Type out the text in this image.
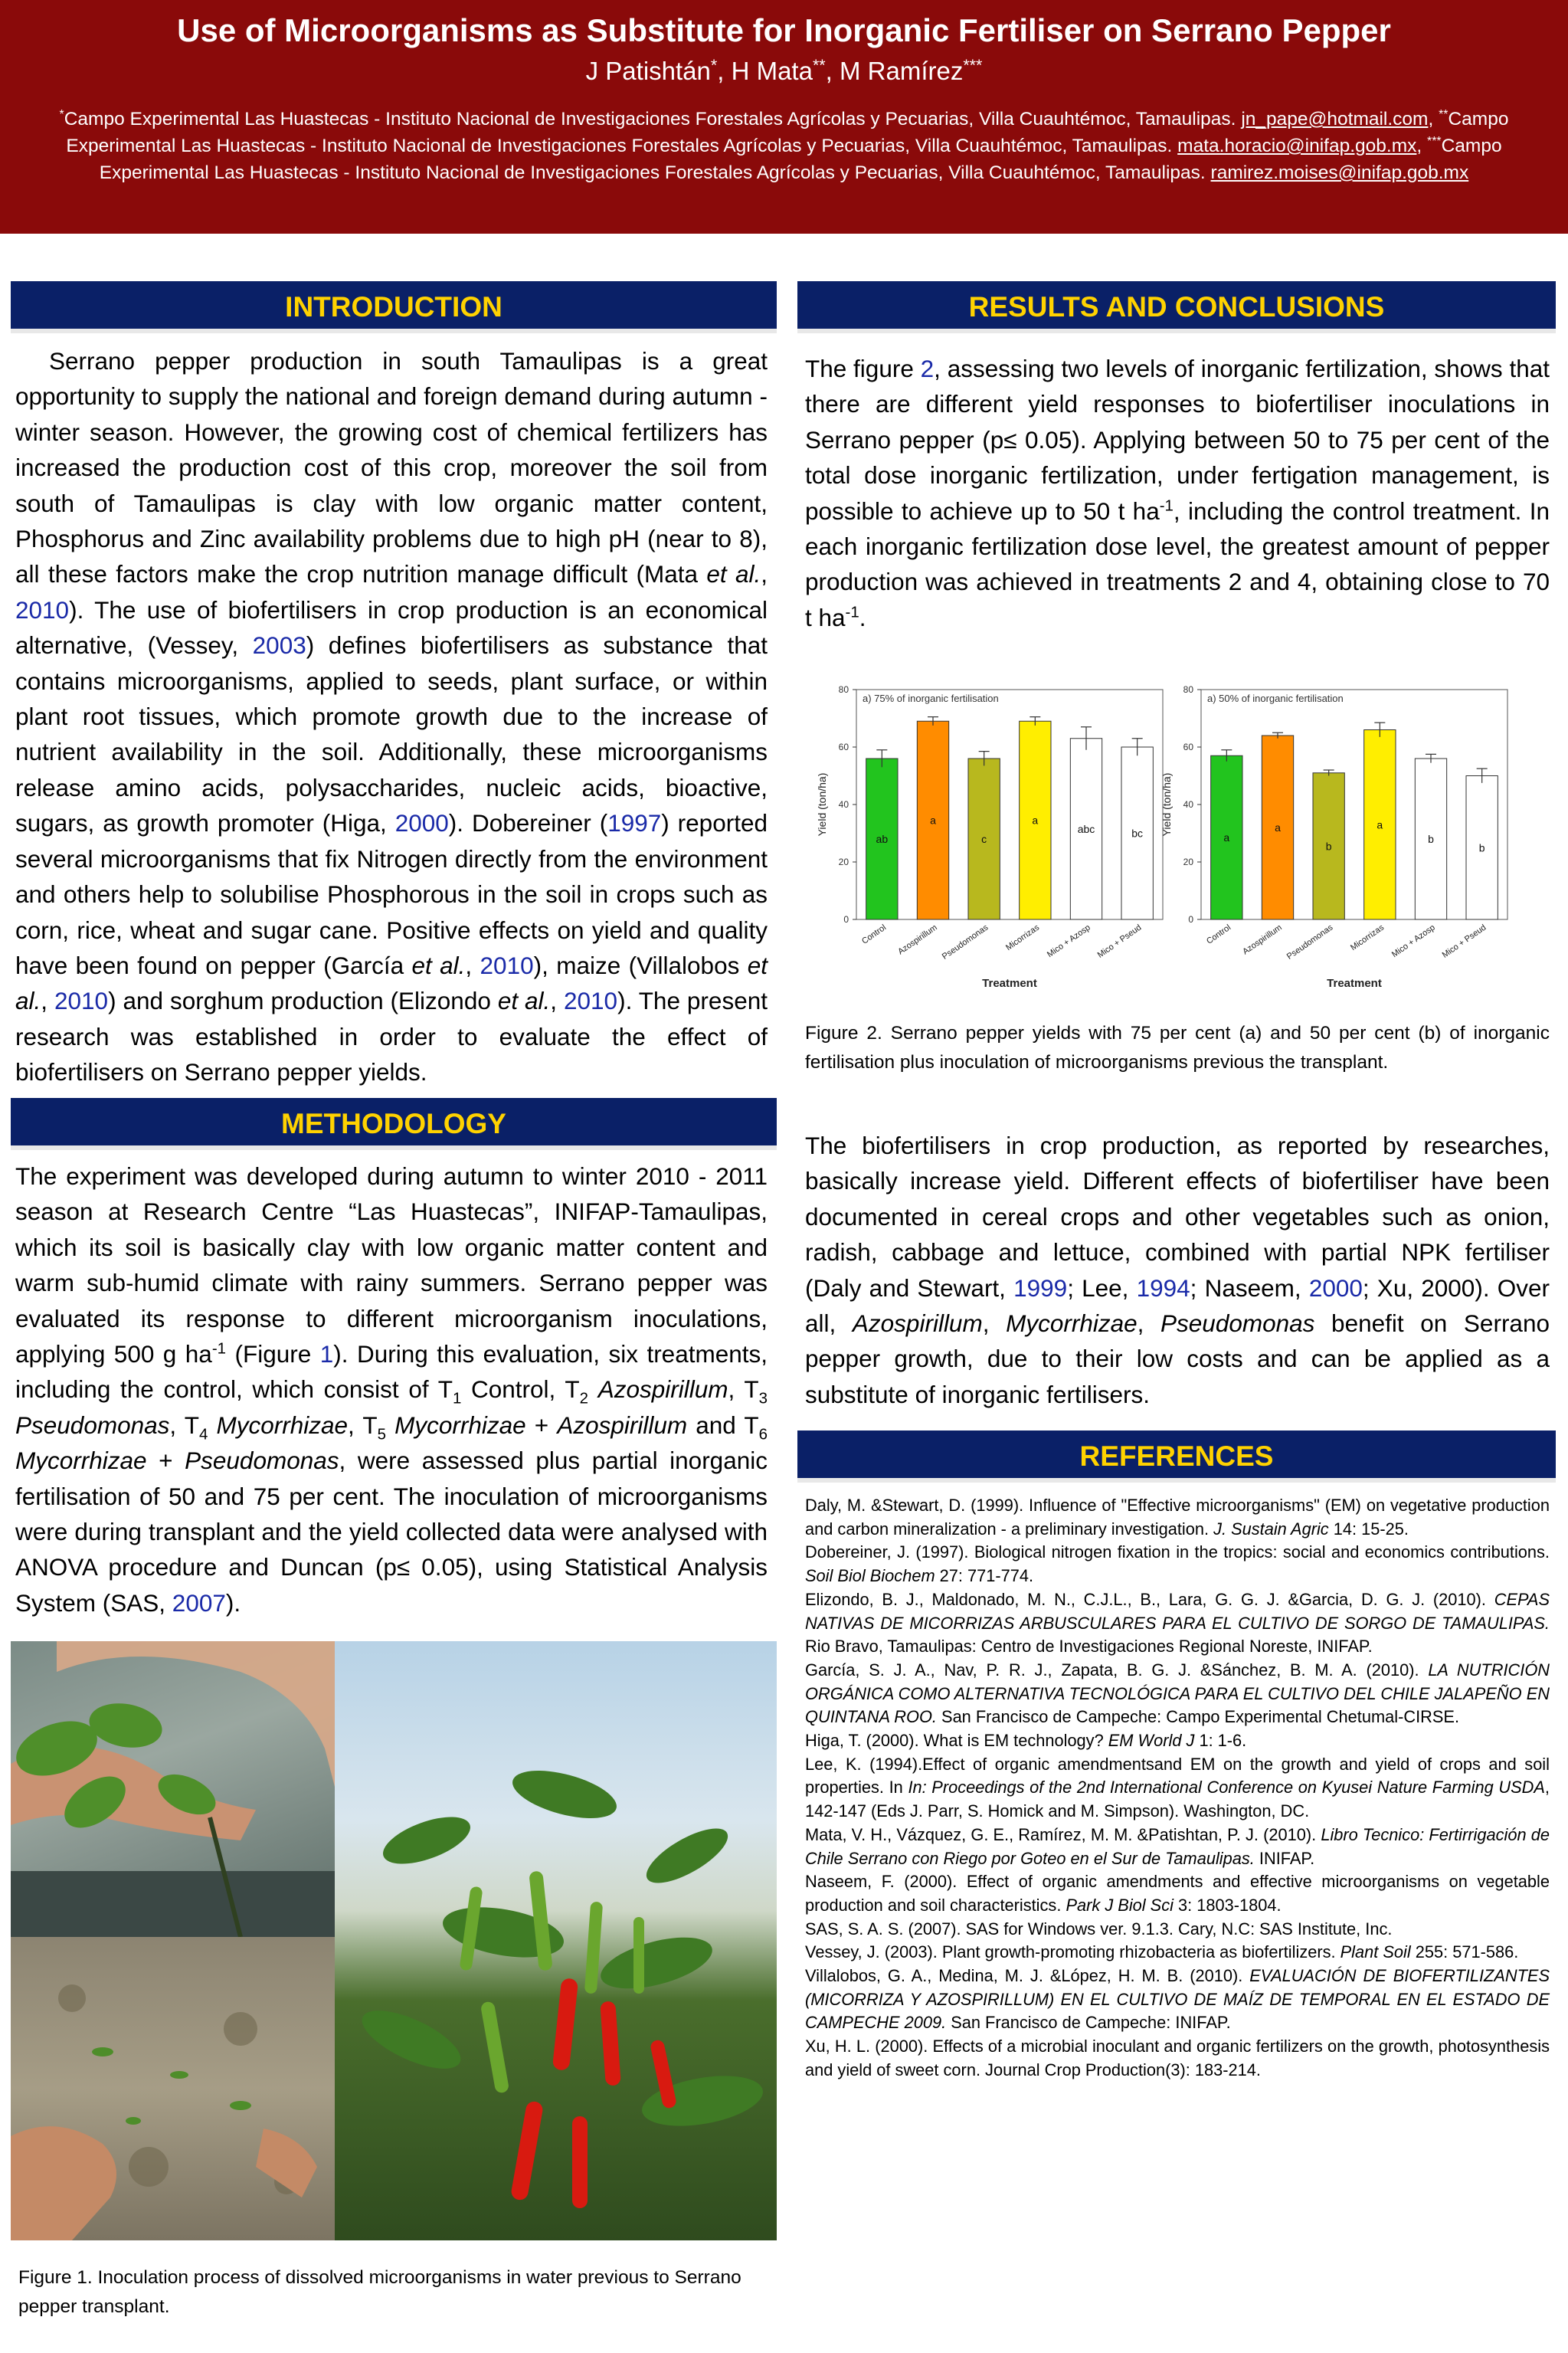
Use of Microorganisms as Substitute for Inorganic Fertiliser on Serrano Pepper
J Patishtán*, H Mata**, M Ramírez***
*Campo Experimental Las Huastecas - Instituto Nacional de Investigaciones Forestales Agrícolas y Pecuarias, Villa Cuauhtémoc, Tamaulipas. jn_pape@hotmail.com, **Campo Experimental Las Huastecas - Instituto Nacional de Investigaciones Forestales Agrícolas y Pecuarias, Villa Cuauhtémoc, Tamaulipas. mata.horacio@inifap.gob.mx, ***Campo Experimental Las Huastecas - Instituto Nacional de Investigaciones Forestales Agrícolas y Pecuarias, Villa Cuauhtémoc, Tamaulipas. ramirez.moises@inifap.gob.mx
INTRODUCTION
Serrano pepper production in south Tamaulipas is a great opportunity to supply the national and foreign demand during autumn - winter season. However, the growing cost of chemical fertilizers has increased the production cost of this crop, moreover the soil from south of Tamaulipas is clay with low organic matter content, Phosphorus and Zinc availability problems due to high pH (near to 8), all these factors make the crop nutrition manage difficult (Mata et al., 2010). The use of biofertilisers in crop production is an economical alternative, (Vessey, 2003) defines biofertilisers as substance that contains microorganisms, applied to seeds, plant surface, or within plant root tissues, which promote growth due to the increase of nutrient availability in the soil. Additionally, these microorganisms release amino acids, polysaccharides, nucleic acids, bioactive, sugars, as growth promoter (Higa, 2000). Dobereiner (1997) reported several microorganisms that fix Nitrogen directly from the environment and others help to solubilise Phosphorous in the soil in crops such as corn, rice, wheat and sugar cane. Positive effects on yield and quality have been found on pepper (García et al., 2010), maize (Villalobos et al., 2010) and sorghum production (Elizondo et al., 2010). The present research was established in order to evaluate the effect of biofertilisers on Serrano pepper yields.
METHODOLOGY
The experiment was developed during autumn to winter 2010 - 2011 season at Research Centre “Las Huastecas”, INIFAP-Tamaulipas, which its soil is basically clay with low organic matter content and warm sub-humid climate with rainy summers. Serrano pepper was evaluated its response to different microorganism inoculations, applying 500 g $ha^{-1}$ (Figure 1). During this evaluation, six treatments, including the control, which consist of $T_1$ Control, $T_2$ Azospirillum, $T_3$ Pseudomonas, $T_4$ Mycorrhizae, $T_5$ Mycorrhizae + Azospirillum and $T_6$ Mycorrhizae + Pseudomonas, were assessed plus partial inorganic fertilisation of 50 and 75 per cent. The inoculation of microorganisms were during transplant and the yield collected data were analysed with ANOVA procedure and Duncan (p≤ 0.05), using Statistical Analysis System (SAS, 2007).
Figure 1. Inoculation process of dissolved microorganisms in water previous to Serrano pepper transplant.
RESULTS AND CONCLUSIONS
The figure 2, assessing two levels of inorganic fertilization, shows that there are different yield responses to biofertiliser inoculations in Serrano pepper (p≤ 0.05). Applying between 50 to 75 per cent of the total dose inorganic fertilization, under fertigation management, is possible to achieve up to 50 t $ha^{-1}$, including the control treatment. In each inorganic fertilization dose level, the greatest amount of pepper production was achieved in treatments 2 and 4, obtaining close to 70 t $ha^{-1}$.
0
20
40
60
80
a) 75% of inorganic fertilisation
Yield (ton/ha)
ab
Control
a
Azospirillum
c
Pseudomonas
a
Micorrizas
abc
Mico + Azosp
bc
Mico + Pseud
Treatment
0
20
40
60
80
a) 50% of inorganic fertilisation
Yield (ton/ha)
a
Control
a
Azospirillum
b
Pseudomonas
a
Micorrizas
b
Mico + Azosp
b
Mico + Pseud
Treatment
Figure 2. Serrano pepper yields with 75 per cent (a) and 50 per cent (b) of inorganic fertilisation plus inoculation of microorganisms previous the transplant.
The biofertilisers in crop production, as reported by researches, basically increase yield. Different effects of biofertiliser have been documented in cereal crops and other vegetables such as onion, radish, cabbage and lettuce, combined with partial NPK fertiliser (Daly and Stewart, 1999; Lee, 1994; Naseem, 2000; Xu, 2000). Over all, Azospirillum, Mycorrhizae, Pseudomonas benefit on Serrano pepper growth, due to their low costs and can be applied as a substitute of inorganic fertilisers.
REFERENCES
Daly, M. &Stewart, D. (1999). Influence of "Effective microorganisms" (EM) on vegetative production and carbon mineralization - a preliminary investigation. J. Sustain Agric 14: 15-25.
Dobereiner, J. (1997). Biological nitrogen fixation in the tropics: social and economics contributions. Soil Biol Biochem 27: 771-774.
Elizondo, B. J., Maldonado, M. N., C.J.L., B., Lara, G. G. J. &Garcia, D. G. J. (2010). CEPAS NATIVAS DE MICORRIZAS ARBUSCULARES PARA EL CULTIVO DE SORGO DE TAMAULIPAS. Rio Bravo, Tamaulipas: Centro de Investigaciones Regional Noreste, INIFAP.
García, S. J. A., Nav, P. R. J., Zapata, B. G. J. &Sánchez, B. M. A. (2010). LA NUTRICIÓN ORGÁNICA COMO ALTERNATIVA TECNOLÓGICA PARA EL CULTIVO DEL CHILE JALAPEÑO EN QUINTANA ROO. San Francisco de Campeche: Campo Experimental Chetumal-CIRSE.
Higa, T. (2000). What is EM technology? EM World J 1: 1-6.
Lee, K. (1994).Effect of organic amendmentsand EM on the growth and yield of crops and soil properties. In In: Proceedings of the 2nd International Conference on Kyusei Nature Farming USDA, 142-147 (Eds J. Parr, S. Homick and M. Simpson). Washington, DC.
Mata, V. H., Vázquez, G. E., Ramírez, M. M. &Patishtan, P. J. (2010). Libro Tecnico: Fertirrigación de Chile Serrano con Riego por Goteo en el Sur de Tamaulipas. INIFAP.
Naseem, F. (2000). Effect of organic amendments and effective microorganisms on vegetable production and soil characteristics. Park J Biol Sci 3: 1803-1804.
SAS, S. A. S. (2007). SAS for Windows ver. 9.1.3. Cary, N.C: SAS Institute, Inc.
Vessey, J. (2003). Plant growth-promoting rhizobacteria as biofertilizers. Plant Soil 255: 571-586.
Villalobos, G. A., Medina, M. J. &López, H. M. B. (2010). EVALUACIÓN DE BIOFERTILIZANTES (MICORRIZA Y AZOSPIRILLUM) EN EL CULTIVO DE MAÍZ DE TEMPORAL EN EL ESTADO DE CAMPECHE 2009. San Francisco de Campeche: INIFAP.
Xu, H. L. (2000). Effects of a microbial inoculant and organic fertilizers on the growth, photosynthesis and yield of sweet corn. Journal Crop Production(3): 183-214.
